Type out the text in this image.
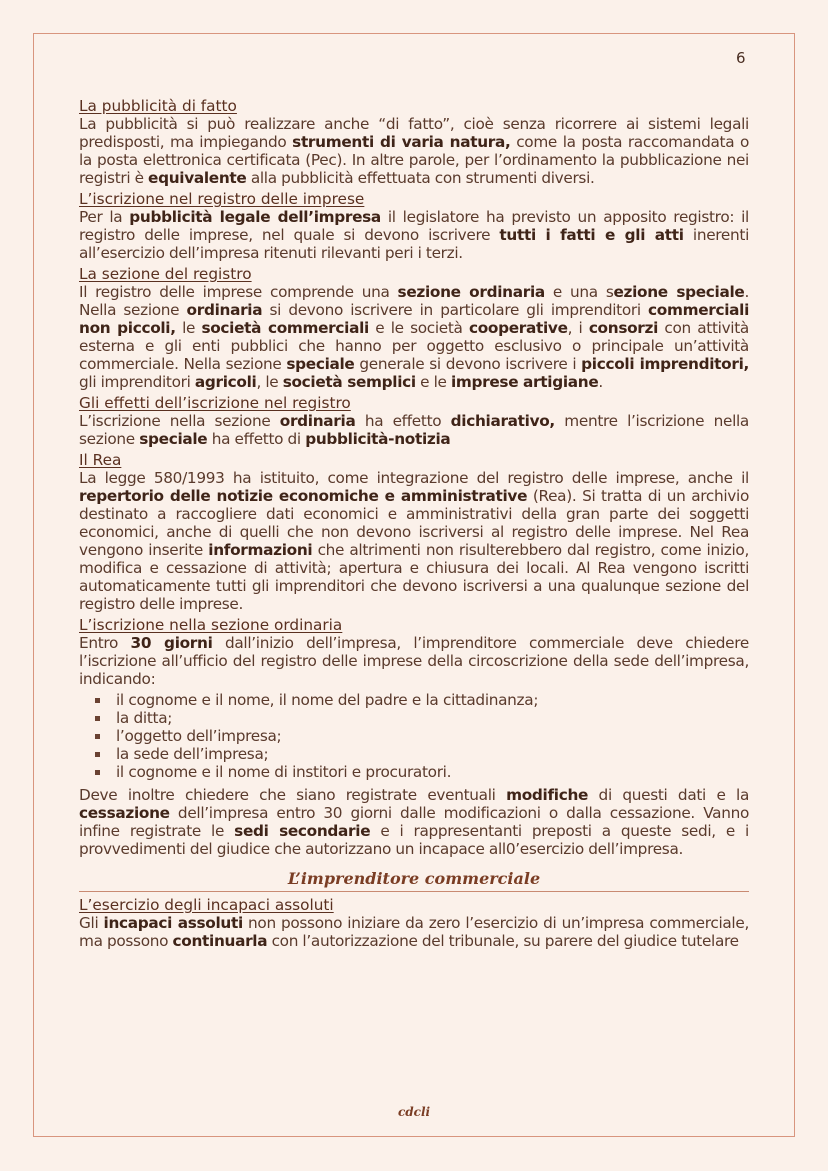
6
La pubblicità di fatto
La pubblicità si può realizzare anche “di fatto”, cioè senza ricorrere ai sistemi legali predisposti, ma impiegando strumenti di varia natura, come la posta raccomandata o la posta elettronica certificata (Pec). In altre parole, per l’ordinamento la pubblicazione nei registri è equivalente alla pubblicità effettuata con strumenti diversi.
L’iscrizione nel registro delle imprese
Per la pubblicità legale dell’impresa il legislatore ha previsto un apposito registro: il registro delle imprese, nel quale si devono iscrivere tutti i fatti e gli atti inerenti all’esercizio dell’impresa ritenuti rilevanti peri i terzi.
La sezione del registro
Il registro delle imprese comprende una sezione ordinaria e una sezione speciale. Nella sezione ordinaria si devono iscrivere in particolare gli imprenditori commerciali non piccoli, le società commerciali e le società cooperative, i consorzi con attività esterna e gli enti pubblici che hanno per oggetto esclusivo o principale un’attività commerciale. Nella sezione speciale generale si devono iscrivere i piccoli imprenditori, gli imprenditori agricoli, le società semplici e le imprese artigiane.
Gli effetti dell’iscrizione nel registro
L’iscrizione nella sezione ordinaria ha effetto dichiarativo, mentre l’iscrizione nella sezione speciale ha effetto di pubblicità-notizia
Il Rea
La legge 580/1993 ha istituito, come integrazione del registro delle imprese, anche il repertorio delle notizie economiche e amministrative (Rea). Si tratta di un archivio destinato a raccogliere dati economici e amministrativi della gran parte dei soggetti economici, anche di quelli che non devono iscriversi al registro delle imprese. Nel Rea vengono inserite informazioni che altrimenti non risulterebbero dal registro, come inizio, modifica e cessazione di attività; apertura e chiusura dei locali. Al Rea vengono iscritti automaticamente tutti gli imprenditori che devono iscriversi a una qualunque sezione del registro delle imprese.
L’iscrizione nella sezione ordinaria
Entro 30 giorni dall’inizio dell’impresa, l’imprenditore commerciale deve chiedere l’iscrizione all’ufficio del registro delle imprese della circoscrizione della sede dell’impresa, indicando:
il cognome e il nome, il nome del padre e la cittadinanza;
la ditta;
l’oggetto dell’impresa;
la sede dell’impresa;
il cognome e il nome di institori e procuratori.
Deve inoltre chiedere che siano registrate eventuali modifiche di questi dati e la cessazione dell’impresa entro 30 giorni dalle modificazioni o dalla cessazione. Vanno infine registrate le sedi secondarie e i rappresentanti preposti a queste sedi, e i provvedimenti del giudice che autorizzano un incapace all0’esercizio dell’impresa.
L’imprenditore commerciale
L’esercizio degli incapaci assoluti
Gli incapaci assoluti non possono iniziare da zero l’esercizio di un’impresa commerciale, ma possono continuarla con l’autorizzazione del tribunale, su parere del giudice tutelare
cdcli
